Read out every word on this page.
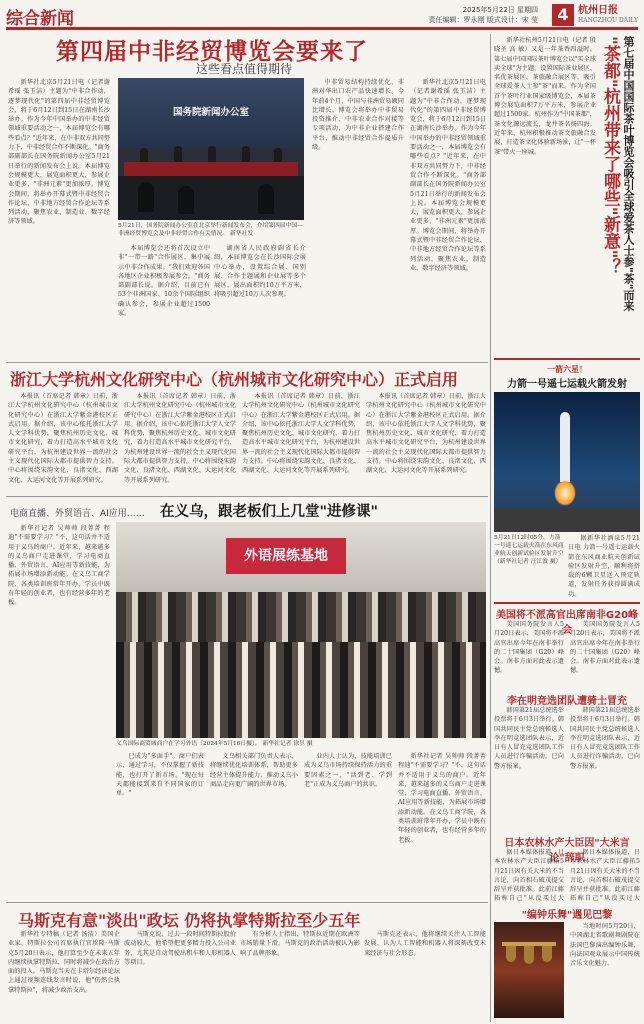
综合新闻	2025年5月22日 星期四
责任编辑：罗永刚 版式设计：宋 莹	4 杭州日报
HANGZHOU DAILY
第四届中非经贸博览会要来了
这些看点值得期待

新华社北京5月21日电（记者谢希瑶 张玉洁）主题为"中非合作动，逐梦现代化"的第四届中非经贸博览会，将于6月12日到15日在湖南长沙举办。作为今年中国举办的中非经贸领域重要活动之一，本届博览会有哪些看点？"近年来，在中非双方共同努力下，中非经贸合作不断深化。"商务部副部长在国务院新闻办公室5月21日举行的新闻发布会上说。本届博览会规模更大，展览面积更大，参展企业更多，"非洲元素"更加浓厚。博览会期间，将举办开幕式暨中非经贸合作论坛、中非地方经贸合作论坛等系列活动，聚焦农业、制造业、数字经济等领域。

国务院新闻办公室
5月21日，国务院新闻办公室在北京举行新闻发布会，介绍第四届中国—非洲经贸博览会及中非经贸合作有关情况。 新华社发

中非贸易结构持续优化，非洲对华出口农产品快速增长。今年前4个月，中国与非洲贸易额同比增长。博览会将举办中非贸易投资推介、中非农业合作对接等专项活动，为中非企业搭建合作平台，推动中非经贸合作提质升级。

本届博览会还将首次设立中非"一带一路"合作展区，集中展示中非合作成果。"我们欢迎各国各地区企业积极参展参会。"商务部副部长说。据介绍，目前已有53个非洲国家、10余个国际组织确认参会，参展企业超过1500家。

湖南省人民政府副省长介绍，本届博览会在长沙国际会展中心举办，设置综合展、国别展、合作主题展和企业展等多个展区，展出面积约10万平方米，将吸引超过10万人次参观。

新华社北京5月21日电（记者谢希瑶 张玉洁）主题为"中非合作动，逐梦现代化"的第四届中非经贸博览会，将于6月12日到15日在湖南长沙举办。作为今年中国举办的中非经贸领域重要活动之一，本届博览会有哪些看点？"近年来，在中非双方共同努力下，中非经贸合作不断深化。"商务部副部长在国务院新闻办公室5月21日举行的新闻发布会上说。本届博览会规模更大，展览面积更大，参展企业更多，"非洲元素"更加浓厚。博览会期间，将举办开幕式暨中非经贸合作论坛、中非地方经贸合作论坛等系列活动，聚焦农业、制造业、数字经济等领域。

浙江大学杭州文化研究中心（杭州城市文化研究中心）正式启用

本报讯（首席记者 韩章）日前，浙江大学杭州文化研究中心（杭州城市文化研究中心）在浙江大学紫金港校区正式启用。据介绍，该中心依托浙江大学人文学科优势，聚焦杭州历史文化、城市文化研究，着力打造高水平城市文化研究平台，为杭州建设世界一流的社会主义现代化国际大都市提供智力支持。中心将围绕宋韵文化、良渚文化、西湖文化、大运河文化等开展系列研究。

本报讯（首席记者 韩章）日前，浙江大学杭州文化研究中心（杭州城市文化研究中心）在浙江大学紫金港校区正式启用。据介绍，该中心依托浙江大学人文学科优势，聚焦杭州历史文化、城市文化研究，着力打造高水平城市文化研究平台，为杭州建设世界一流的社会主义现代化国际大都市提供智力支持。中心将围绕宋韵文化、良渚文化、西湖文化、大运河文化等开展系列研究。

本报讯（首席记者 韩章）日前，浙江大学杭州文化研究中心（杭州城市文化研究中心）在浙江大学紫金港校区正式启用。据介绍，该中心依托浙江大学人文学科优势，聚焦杭州历史文化、城市文化研究，着力打造高水平城市文化研究平台，为杭州建设世界一流的社会主义现代化国际大都市提供智力支持。中心将围绕宋韵文化、良渚文化、西湖文化、大运河文化等开展系列研究。

本报讯（首席记者 韩章）日前，浙江大学杭州文化研究中心（杭州城市文化研究中心）在浙江大学紫金港校区正式启用。据介绍，该中心依托浙江大学人文学科优势，聚焦杭州历史文化、城市文化研究，着力打造高水平城市文化研究平台，为杭州建设世界一流的社会主义现代化国际大都市提供智力支持。中心将围绕宋韵文化、良渚文化、西湖文化、大运河文化等开展系列研究。

电商直播、外贸语言、AI应用…… 在义乌，跟老板们上几堂"进修课"

新华社记者 吴帅帅 段菁菁 程迪"不需要学习？"不，这句话并不适用于义乌的商户。近年来，越来越多的义乌商户走进课堂，学习电商直播、外贸语言、AI应用等新技能，为拓展市场增添新动能。在义乌工商学院，各类培训班常年开办，学员中既有年轻的创业者，也有经营多年的老板。

外语展练基地
义乌国际商贸城商户在学习外语（2024年5月16日摄）。 新华社记者 徐昱 摄

已成为"多面手"。商户们表示，通过学习，不仅掌握了新技能，也打开了新市场。"现在每天都能接到来自不同国家的订单。"

义乌相关部门负责人表示，将继续优化培训体系，帮助更多经营主体提升能力，推动义乌小商品走向更广阔的世界市场。

业内人士认为，技能培训已成为义乌市场持续保持活力的重要因素之一，"活到老、学到老"正成为义乌商户的共识。

新华社记者 吴帅帅 段菁菁 程迪"不需要学习？"不，这句话并不适用于义乌的商户。近年来，越来越多的义乌商户走进课堂，学习电商直播、外贸语言、AI应用等新技能，为拓展市场增添新动能。在义乌工商学院，各类培训班常年开办，学员中既有年轻的创业者，也有经营多年的老板。

马斯克有意"淡出"政坛 仍将执掌特斯拉至少五年

新华社专特稿（记者 汤洁）美国企业家、特斯拉公司首席执行官埃隆·马斯克5月20日表示，他打算至少在未来五年内继续执掌特斯拉，同时将减少在政治方面的投入。马斯克当天在卡塔尔经济论坛上通过视频连线发言时说，他"仍然会执掌特斯拉"，将减少政治支出。

马斯克说，过去一段时间特斯拉股价波动较大，他希望把更多精力投入公司业务，尤其是自动驾驶出租车和人形机器人等项目。

有分析人士指出，特斯拉近期在欧洲等市场销量下滑，马斯克的政治活动被认为影响了品牌形象。

马斯克还表示，他将继续关注人工智能发展，认为人工智能和机器人将深刻改变未来经济与社会形态。

新华社杭州5月21日电（记者 殷晓圣 高 敏）又是一年茶香四溢时。第七届中国国际茶叶博览会以"买全球 卖全球"为主题，设置国际茶业展区、名优茶展区、茶旅融合展区等，吸引全球爱茶人士参"茶"而来。作为全国首个茶叶行业国家级博览会，本届茶博会展览面积7万平方米，参展企业超过1500家。杭州作为"中国茶都"，茶文化源远流长，龙井茶名扬四海。近年来，杭州积极推动茶文旅融合发展，打造茶文化体验新场景，让"一杯茶"带火一座城。	第七届中国国际茶叶博览会吸引全球爱茶人士参"茶"而来
"茶都"杭州带来了哪些"新意"？
一箭六星！
力箭一号遥七运载火箭发射
5月21日12时05分，力箭一号遥七运载火箭在东风商业航天创新试验区发射升空（新华社记者 汪江波 摄）

据新华社酒泉5月21日电 力箭一号遥七运载火箭在东风商业航天创新试验区发射升空，顺利将搭载的6颗卫星送入预定轨道，发射任务获得圆满成功。

美国将不派高官出席南非G20峰会

美国国务院发言人5月20日表示，美国将不派高官出席今年在南非举行的二十国集团（G20）峰会。南非方面对此表示遗憾。

美国国务院发言人5月20日表示，美国将不派高官出席今年在南非举行的二十国集团（G20）峰会。南非方面对此表示遗憾。

李在明竞选团队遭骑士冒充

韩国第21届总统选举投票将于6月3日举行。韩国共同民主党总统候选人李在明竞选团队表示，近日有人冒充竞选团队工作人员进行诈骗活动，已向警方报案。

韩国第21届总统选举投票将于6月3日举行。韩国共同民主党总统候选人李在明竞选团队表示，近日有人冒充竞选团队工作人员进行诈骗活动，已向警方报案。

日本农林水产大臣因"大米言论"辞职

据日本媒体报道，日本农林水产大臣江藤拓5月21日因有关大米的不当言论，向首相石破茂提交辞呈并获批准。此前江藤拓称自己"从没买过大

据日本媒体报道，日本农林水产大臣江藤拓5月21日因有关大米的不当言论，向首相石破茂提交辞呈并获批准。此前江藤拓称自己"从没买过大

"编钟乐舞"遇见巴黎

当地时间5月20日，中国湖北省歌剧舞剧院在法国巴黎演出编钟乐舞，向法国观众展示中国传统音乐文化魅力。
